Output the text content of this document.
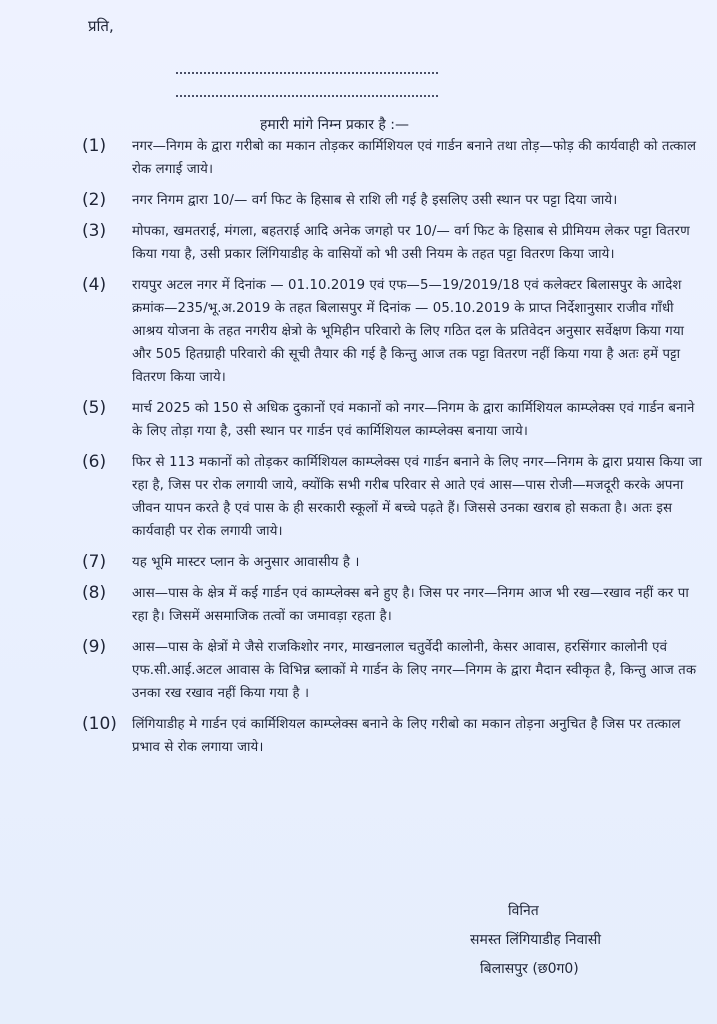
प्रति,
हमारी मांगे निम्न प्रकार है :—
(1)	नगर—निगम के द्वारा गरीबो का मकान तोड़कर कार्मिशियल एवं गार्डन बनाने तथा तोड़—फोड़ की कार्यवाही को तत्काल रोक लगाई जाये।
(2)	नगर निगम द्वारा 10/— वर्ग फिट के हिसाब से राशि ली गई है इसलिए उसी स्थान पर पट्टा दिया जाये।
(3)	मोपका, खमतराई, मंगला, बहतराई आदि अनेक जगहो पर 10/— वर्ग फिट के हिसाब से प्रीमियम लेकर पट्टा वितरण किया गया है, उसी प्रकार लिंगियाडीह के वासियों को भी उसी नियम के तहत पट्टा वितरण किया जाये।
(4)	रायपुर अटल नगर में दिनांक — 01.10.2019 एवं एफ—5—19/2019/18 एवं कलेक्टर बिलासपुर के आदेश क्रमांक—235/भू.अ.2019 के तहत बिलासपुर में दिनांक — 05.10.2019 के प्राप्त निर्देशानुसार राजीव गाँधी आश्रय योजना के तहत नगरीय क्षेत्रो के भूमिहीन परिवारो के लिए गठित दल के प्रतिवेदन अनुसार सर्वेक्षण किया गया और 505 हितग्राही परिवारो की सूची तैयार की गई है किन्तु आज तक पट्टा वितरण नहीं किया गया है अतः हमें पट्टा वितरण किया जाये।
(5)	मार्च 2025 को 150 से अधिक दुकानों एवं मकानों को नगर—निगम के द्वारा कार्मिशियल काम्प्लेक्स एवं गार्डन बनाने के लिए तोड़ा गया है, उसी स्थान पर गार्डन एवं कार्मिशियल काम्प्लेक्स बनाया जाये।
(6)	फिर से 113 मकानों को तोड़कर कार्मिशियल काम्प्लेक्स एवं गार्डन बनाने के लिए नगर—निगम के द्वारा प्रयास किया जा रहा है, जिस पर रोक लगायी जाये, क्योंकि सभी गरीब परिवार से आते एवं आस—पास रोजी—मजदूरी करके अपना जीवन यापन करते है एवं पास के ही सरकारी स्कूलों में बच्चे पढ़ते हैं। जिससे उनका खराब हो सकता है। अतः इस कार्यवाही पर रोक लगायी जाये।
(7)	यह भूमि मास्टर प्लान के अनुसार आवासीय है ।
(8)	आस—पास के क्षेत्र में कई गार्डन एवं काम्प्लेक्स बने हुए है। जिस पर नगर—निगम आज भी रख—रखाव नहीं कर पा रहा है। जिसमें असमाजिक तत्वों का जमावड़ा रहता है।
(9)	आस—पास के क्षेत्रों मे जैसे राजकिशोर नगर, माखनलाल चतुर्वेदी कालोनी, केसर आवास, हरसिंगार कालोनी एवं एफ.सी.आई.अटल आवास के विभिन्न ब्लाकों मे गार्डन के लिए नगर—निगम के द्वारा मैदान स्वीकृत है, किन्तु आज तक उनका रख रखाव नहीं किया गया है ।
(10)	लिंगियाडीह मे गार्डन एवं कार्मिशियल काम्प्लेक्स बनाने के लिए गरीबो का मकान तोड़ना अनुचित है जिस पर तत्काल प्रभाव से रोक लगाया जाये।
विनित
समस्त लिंगियाडीह निवासी
बिलासपुर (छ0ग0)
